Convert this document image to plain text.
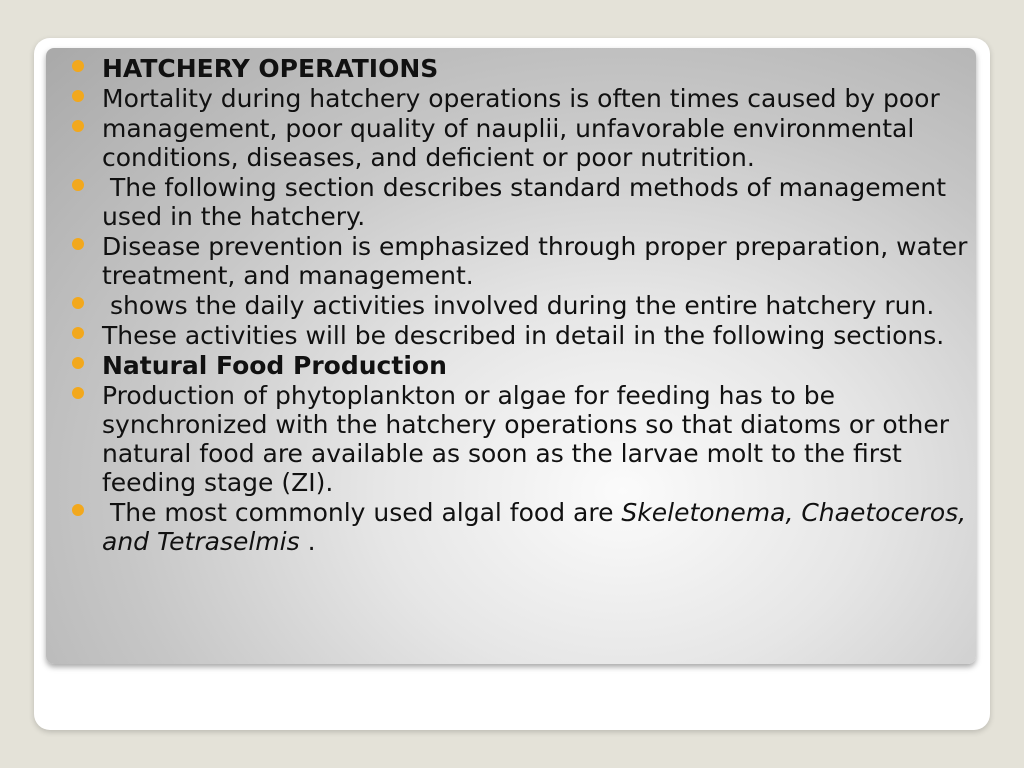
HATCHERY OPERATIONS
Mortality during hatchery operations is often times caused by poor
management, poor quality of nauplii, unfavorable environmental conditions, diseases, and deficient or poor nutrition.
The following section describes standard methods of management used in the hatchery.
Disease prevention is emphasized through proper preparation, water treatment, and management.
shows the daily activities involved during the entire hatchery run.
These activities will be described in detail in the following sections.
Natural Food Production
Production of phytoplankton or algae for feeding has to be synchronized with the hatchery operations so that diatoms or other natural food are available as soon as the larvae molt to the first feeding stage (ZI).
The most commonly used algal food are Skeletonema, Chaetoceros, and Tetraselmis .
